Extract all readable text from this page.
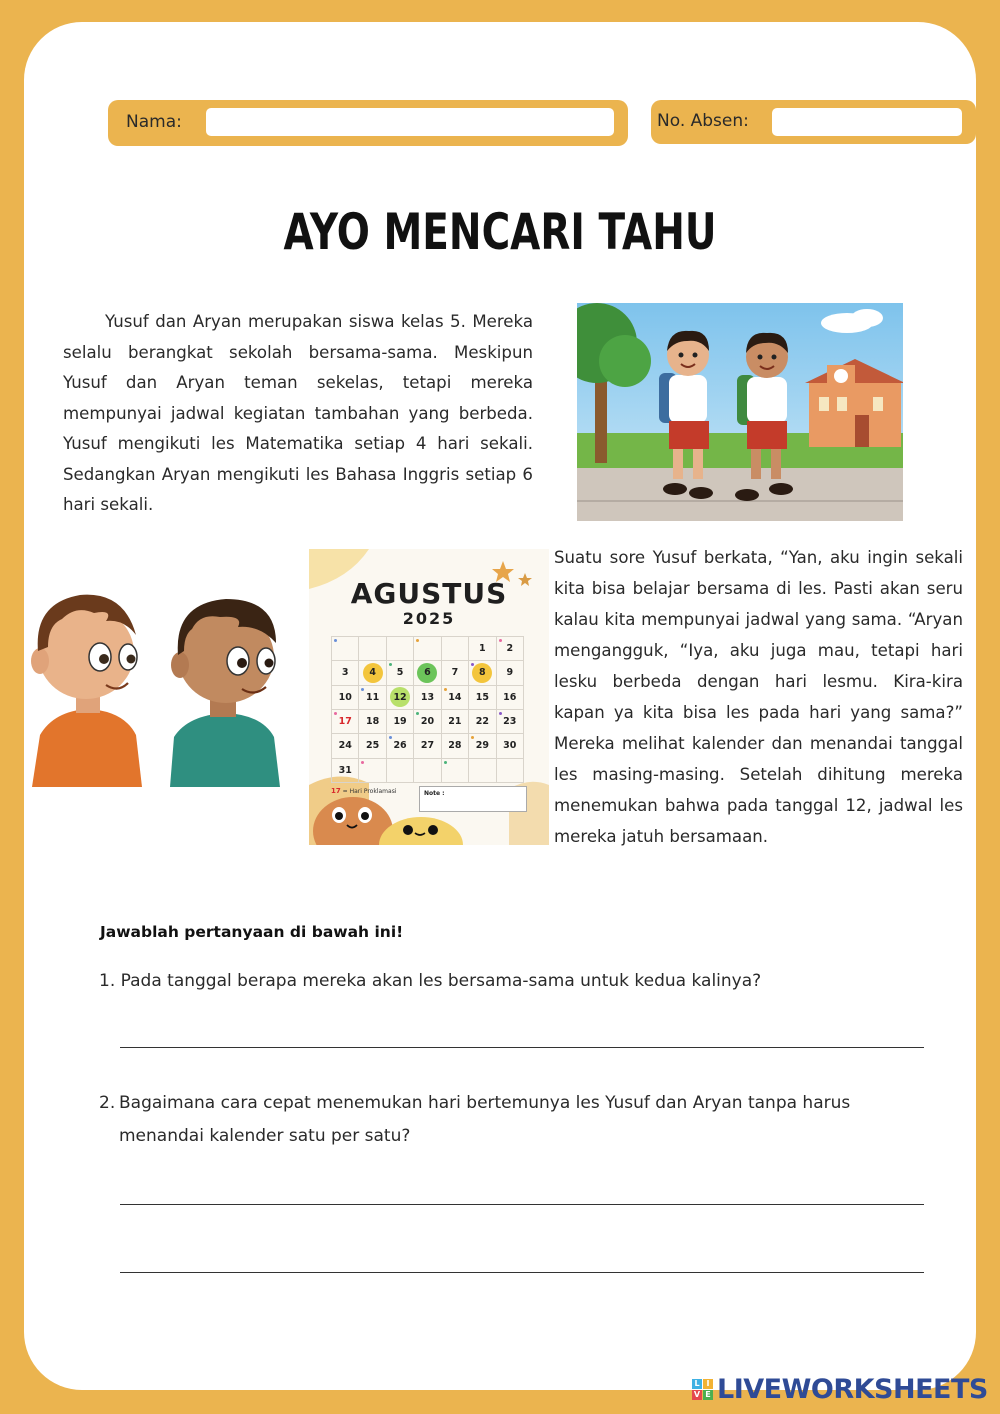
Nama:	No. Absen:
AYO MENCARI TAHU

Yusuf dan Aryan merupakan siswa kelas 5. Mereka selalu berangkat sekolah bersama-sama. Meskipun Yusuf dan Aryan teman sekelas, tetapi mereka mempunyai jadwal kegiatan tambahan yang berbeda. Yusuf mengikuti les Matematika setiap 4 hari sekali. Sedangkan Aryan mengikuti les Bahasa Inggris setiap 6 hari sekali.

AGUSTUS
2025
1 2
3 4 5 6 7 8 9
10 11 12 13 14 15 16
17 18 19 20 21 22 23
24 25 26 27 28 29 30
31
17 = Hari Proklamasi	Note :

Suatu sore Yusuf berkata, “Yan, aku ingin sekali kita bisa belajar bersama di les. Pasti akan seru kalau kita mempunyai jadwal yang sama. “Aryan mengangguk, “Iya, aku juga mau, tetapi hari lesku berbeda dengan hari lesmu. Kira-kira kapan ya kita bisa les pada hari yang sama?” Mereka melihat kalender dan menandai tanggal les masing-masing. Setelah dihitung mereka menemukan bahwa pada tanggal 12, jadwal les mereka jatuh bersamaan.

Jawablah pertanyaan di bawah ini!
1. Pada tanggal berapa mereka akan les bersama-sama untuk kedua kalinya?
2. Bagaimana cara cepat menemukan hari bertemunya les Yusuf dan Aryan tanpa harus menandai kalender satu per satu?
L I
V E LIVEWORKSHEETS
